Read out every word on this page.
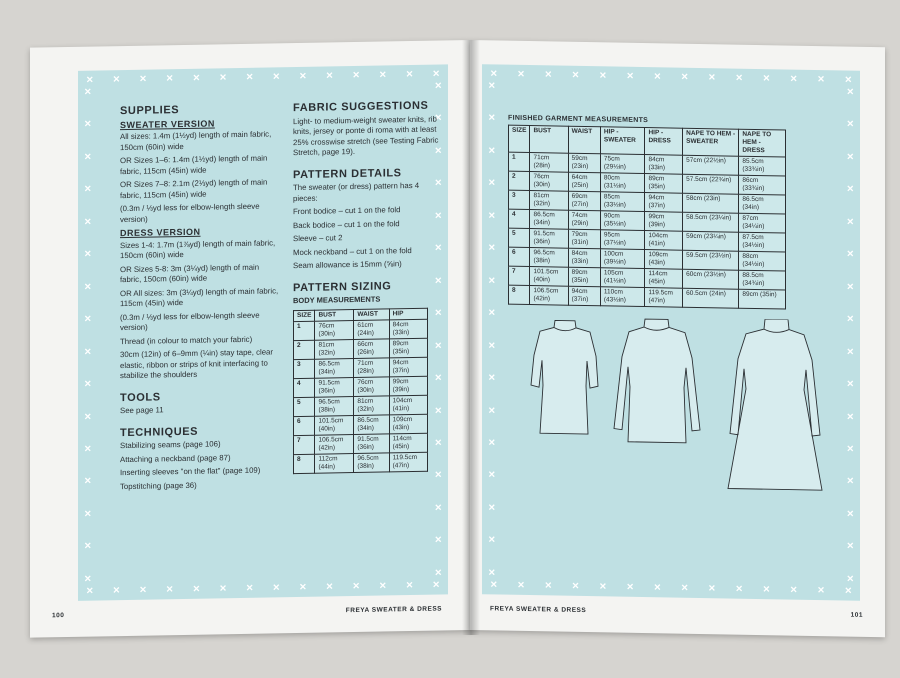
✕ ✕ ✕ ✕ ✕ ✕ ✕ ✕ ✕ ✕ ✕ ✕ ✕ ✕
✕ ✕ ✕ ✕ ✕ ✕ ✕ ✕ ✕ ✕ ✕ ✕ ✕ ✕
✕
✕
✕
✕
✕
✕
✕
✕
✕
✕
✕
✕
✕
✕
✕
✕
✕
✕
✕
✕
✕
✕
✕
✕
✕
✕
✕
✕
✕
✕
✕
✕
SUPPLIES
SWEATER VERSION

All sizes: 1.4m (1½yd) length of main fabric, 150cm (60in) wide

OR Sizes 1–6: 1.4m (1½yd) length of main fabric, 115cm (45in) wide

OR Sizes 7–8: 2.1m (2⅓yd) length of main fabric, 115cm (45in) wide

(0.3m / ⅓yd less for elbow-length sleeve version)

DRESS VERSION

Sizes 1-4: 1.7m (1⅞yd) length of main fabric, 150cm (60in) wide

OR Sizes 5-8: 3m (3¼yd) length of main fabric, 150cm (60in) wide

OR All sizes: 3m (3¼yd) length of main fabric, 115cm (45in) wide

(0.3m / ⅓yd less for elbow-length sleeve version)

Thread (in colour to match your fabric)

30cm (12in) of 6–9mm (¼in) stay tape, clear elastic, ribbon or strips of knit interfacing to stabilize the shoulders

TOOLS

See page 11

TECHNIQUES

Stabilizing seams (page 106)

Attaching a neckband (page 87)

Inserting sleeves "on the flat" (page 109)

Topstitching (page 36)

FABRIC SUGGESTIONS

Light- to medium-weight sweater knits, rib knits, jersey or ponte di roma with at least 25% crosswise stretch (see Testing Fabric Stretch, page 19).

PATTERN DETAILS

The sweater (or dress) pattern has 4 pieces:

Front bodice – cut 1 on the fold

Back bodice – cut 1 on the fold

Sleeve – cut 2

Mock neckband – cut 1 on the fold

Seam allowance is 15mm (⅝in)

PATTERN SIZING
BODY MEASUREMENTS
SIZE	BUST	WAIST	HIP
1	76cm (30in)	61cm (24in)	84cm (33in)
2	81cm (32in)	66cm (26in)	89cm (35in)
3	86.5cm (34in)	71cm (28in)	94cm (37in)
4	91.5cm (36in)	76cm (30in)	99cm (39in)
5	96.5cm (38in)	81cm (32in)	104cm (41in)
6	101.5cm (40in)	86.5cm (34in)	109cm (43in)
7	106.5cm (42in)	91.5cm (36in)	114cm (45in)
8	112cm (44in)	96.5cm (38in)	119.5cm (47in)
FREYA SWEATER & DRESS
100
✕ ✕ ✕ ✕ ✕ ✕ ✕ ✕ ✕ ✕ ✕ ✕ ✕ ✕
✕ ✕ ✕ ✕ ✕ ✕ ✕ ✕ ✕ ✕ ✕ ✕ ✕ ✕
✕
✕
✕
✕
✕
✕
✕
✕
✕
✕
✕
✕
✕
✕
✕
✕
✕
✕
✕
✕
✕
✕
✕
✕
✕
✕
✕
✕
✕
✕
✕
✕
FINISHED GARMENT MEASUREMENTS
SIZE	BUST	WAIST	HIP - SWEATER	HIP - DRESS	NAPE TO HEM - SWEATER	NAPE TO HEM - DRESS
1	71cm (28in)	59cm (23in)	75cm (29½in)	84cm (33in)	57cm (22½in)	85.5cm (33¾in)
2	76cm (30in)	64cm (25in)	80cm (31½in)	89cm (35in)	57.5cm (22¾in)	86cm (33¾in)
3	81cm (32in)	69cm (27in)	85cm (33½in)	94cm (37in)	58cm (23in)	86.5cm (34in)
4	86.5cm (34in)	74cm (29in)	90cm (35½in)	99cm (39in)	58.5cm (23¼in)	87cm (34¼in)
5	91.5cm (36in)	79cm (31in)	95cm (37½in)	104cm (41in)	59cm (23¼in)	87.5cm (34½in)
6	96.5cm (38in)	84cm (33in)	100cm (39½in)	109cm (43in)	59.5cm (23½in)	88cm (34½in)
7	101.5cm (40in)	89cm (35in)	105cm (41½in)	114cm (45in)	60cm (23½in)	88.5cm (34¾in)
8	106.5cm (42in)	94cm (37in)	110cm (43½in)	119.5cm (47in)	60.5cm (24in)	89cm (35in)
FREYA SWEATER & DRESS
101
